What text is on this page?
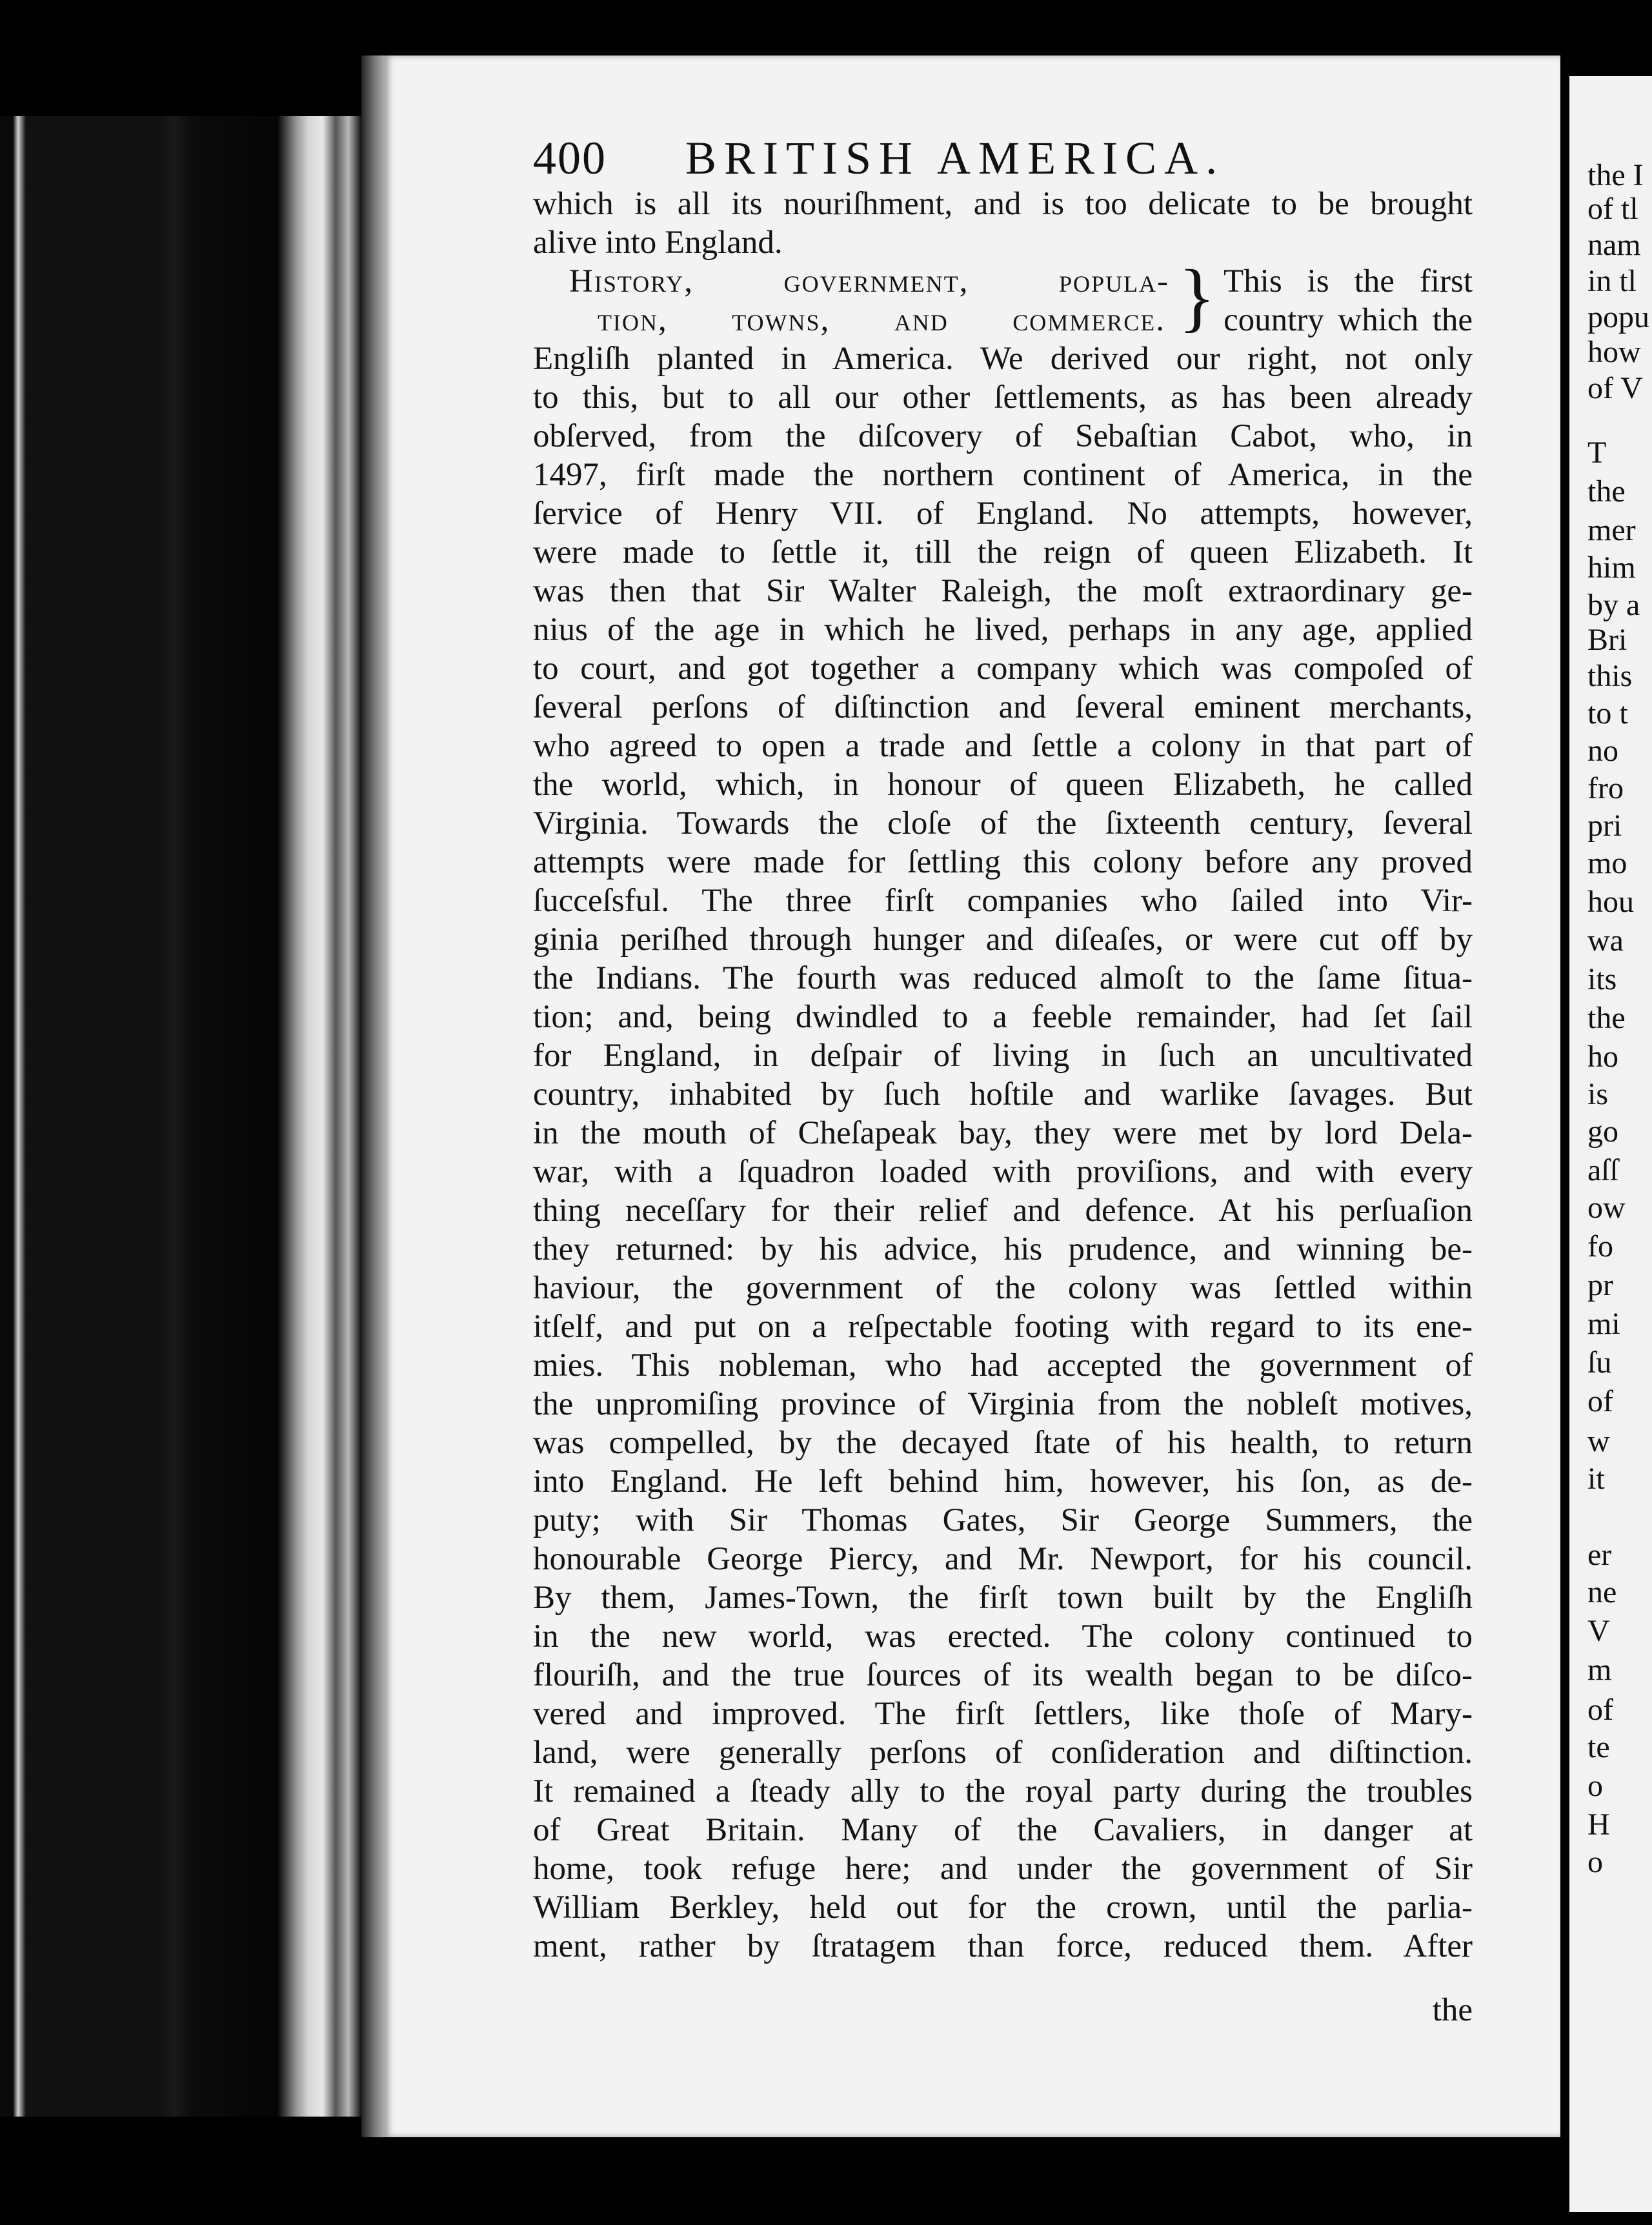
400 BRITISH AMERICA.
which is all its nouriſhment, and is too delicate to be brought
alive into England.
History, government, popula-
tion, towns, and commerce. } This is the first
country which the
Engliſh planted in America. We derived our right, not only
to this, but to all our other ſettlements, as has been already
obſerved, from the diſcovery of Sebaſtian Cabot, who, in
1497, firſt made the northern continent of America, in the
ſervice of Henry VII. of England. No attempts, however,
were made to ſettle it, till the reign of queen Elizabeth. It
was then that Sir Walter Raleigh, the moſt extraordinary ge-
nius of the age in which he lived, perhaps in any age, applied
to court, and got together a company which was compoſed of
ſeveral perſons of diſtinction and ſeveral eminent merchants,
who agreed to open a trade and ſettle a colony in that part of
the world, which, in honour of queen Elizabeth, he called
Virginia. Towards the cloſe of the ſixteenth century, ſeveral
attempts were made for ſettling this colony before any proved
ſucceſsful. The three firſt companies who ſailed into Vir-
ginia periſhed through hunger and diſeaſes, or were cut off by
the Indians. The fourth was reduced almoſt to the ſame ſitua-
tion; and, being dwindled to a feeble remainder, had ſet ſail
for England, in deſpair of living in ſuch an uncultivated
country, inhabited by ſuch hoſtile and warlike ſavages. But
in the mouth of Cheſapeak bay, they were met by lord Dela-
war, with a ſquadron loaded with proviſions, and with every
thing neceſſary for their relief and defence. At his perſuaſion
they returned: by his advice, his prudence, and winning be-
haviour, the government of the colony was ſettled within
itſelf, and put on a reſpectable footing with regard to its ene-
mies. This nobleman, who had accepted the government of
the unpromiſing province of Virginia from the nobleſt motives,
was compelled, by the decayed ſtate of his health, to return
into England. He left behind him, however, his ſon, as de-
puty; with Sir Thomas Gates, Sir George Summers, the
honourable George Piercy, and Mr. Newport, for his council.
By them, James-Town, the firſt town built by the Engliſh
in the new world, was erected. The colony continued to
flouriſh, and the true ſources of its wealth began to be diſco-
vered and improved. The firſt ſettlers, like thoſe of Mary-
land, were generally perſons of conſideration and diſtinction.
It remained a ſteady ally to the royal party during the troubles
of Great Britain. Many of the Cavaliers, in danger at
home, took refuge here; and under the government of Sir
William Berkley, held out for the crown, until the parlia-
ment, rather by ſtratagem than force, reduced them. After
the
the I
of tl
nam
in tl
popu
how
of V
T
the
mer
him
by a
Bri
this
to t
no
fro
pri
mo
hou
wa
its
the
ho
is
go
aſſ
ow
fo
pr
mi
ſu
of
w
it
er
ne
V
m
of
te
o
H
o
